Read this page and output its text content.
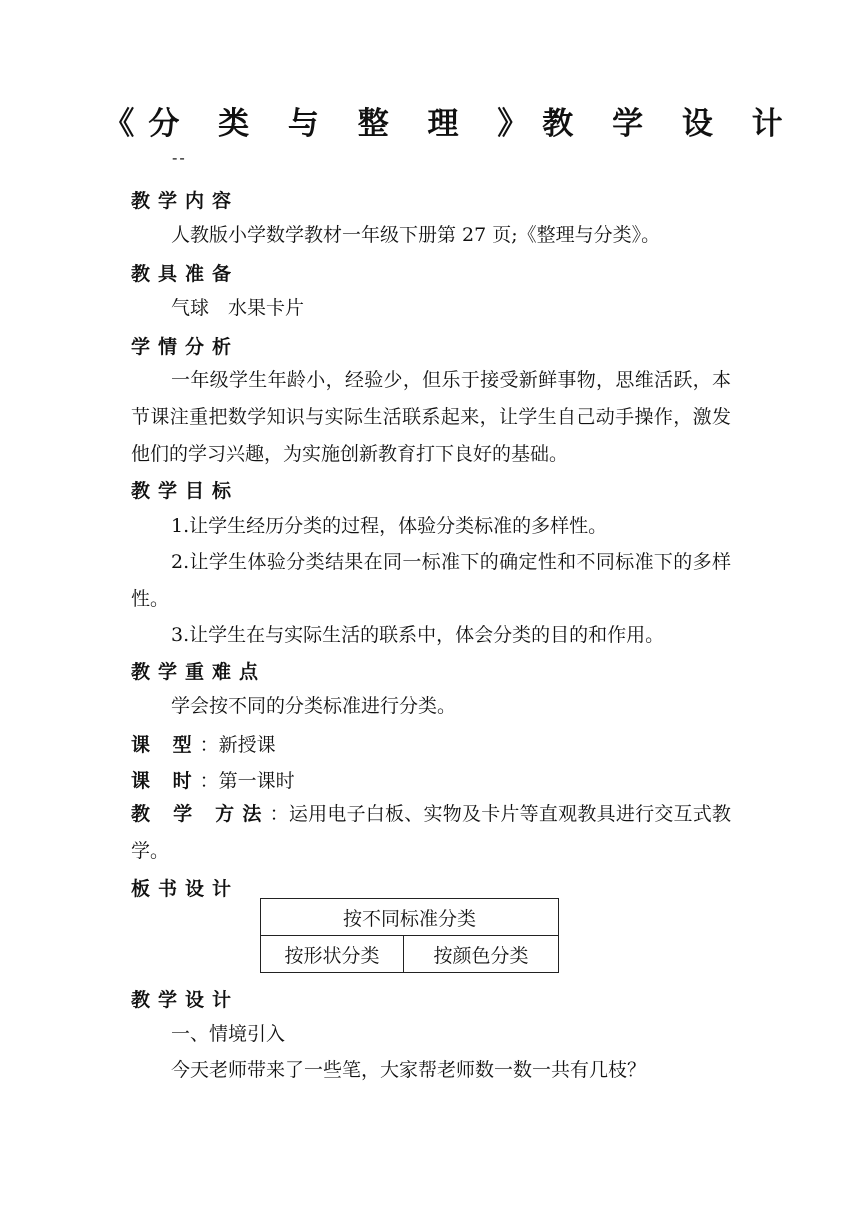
《分 类 与 整 理 》教 学 设 计
--
教学内容
人教版小学数学教材一年级下册第 27 页;《整理与分类》。
教具准备
气球　水果卡片
学情分析
一年级学生年龄小，经验少，但乐于接受新鲜事物，思维活跃，本节课注重把数学知识与实际生活联系起来，让学生自己动手操作，激发他们的学习兴趣，为实施创新教育打下良好的基础。
教学目标
1.让学生经历分类的过程，体验分类标准的多样性。
2.让学生体验分类结果在同一标准下的确定性和不同标准下的多样性。
3.让学生在与实际生活的联系中，体会分类的目的和作用。
教学重难点
学会按不同的分类标准进行分类。
课 型：新授课
课 时：第一课时
教 学 方法：运用电子白板、实物及卡片等直观教具进行交互式教学。
板书设计
按不同标准分类
按形状分类	按颜色分类
教学设计
一、情境引入
今天老师带来了一些笔，大家帮老师数一数一共有几枝？
